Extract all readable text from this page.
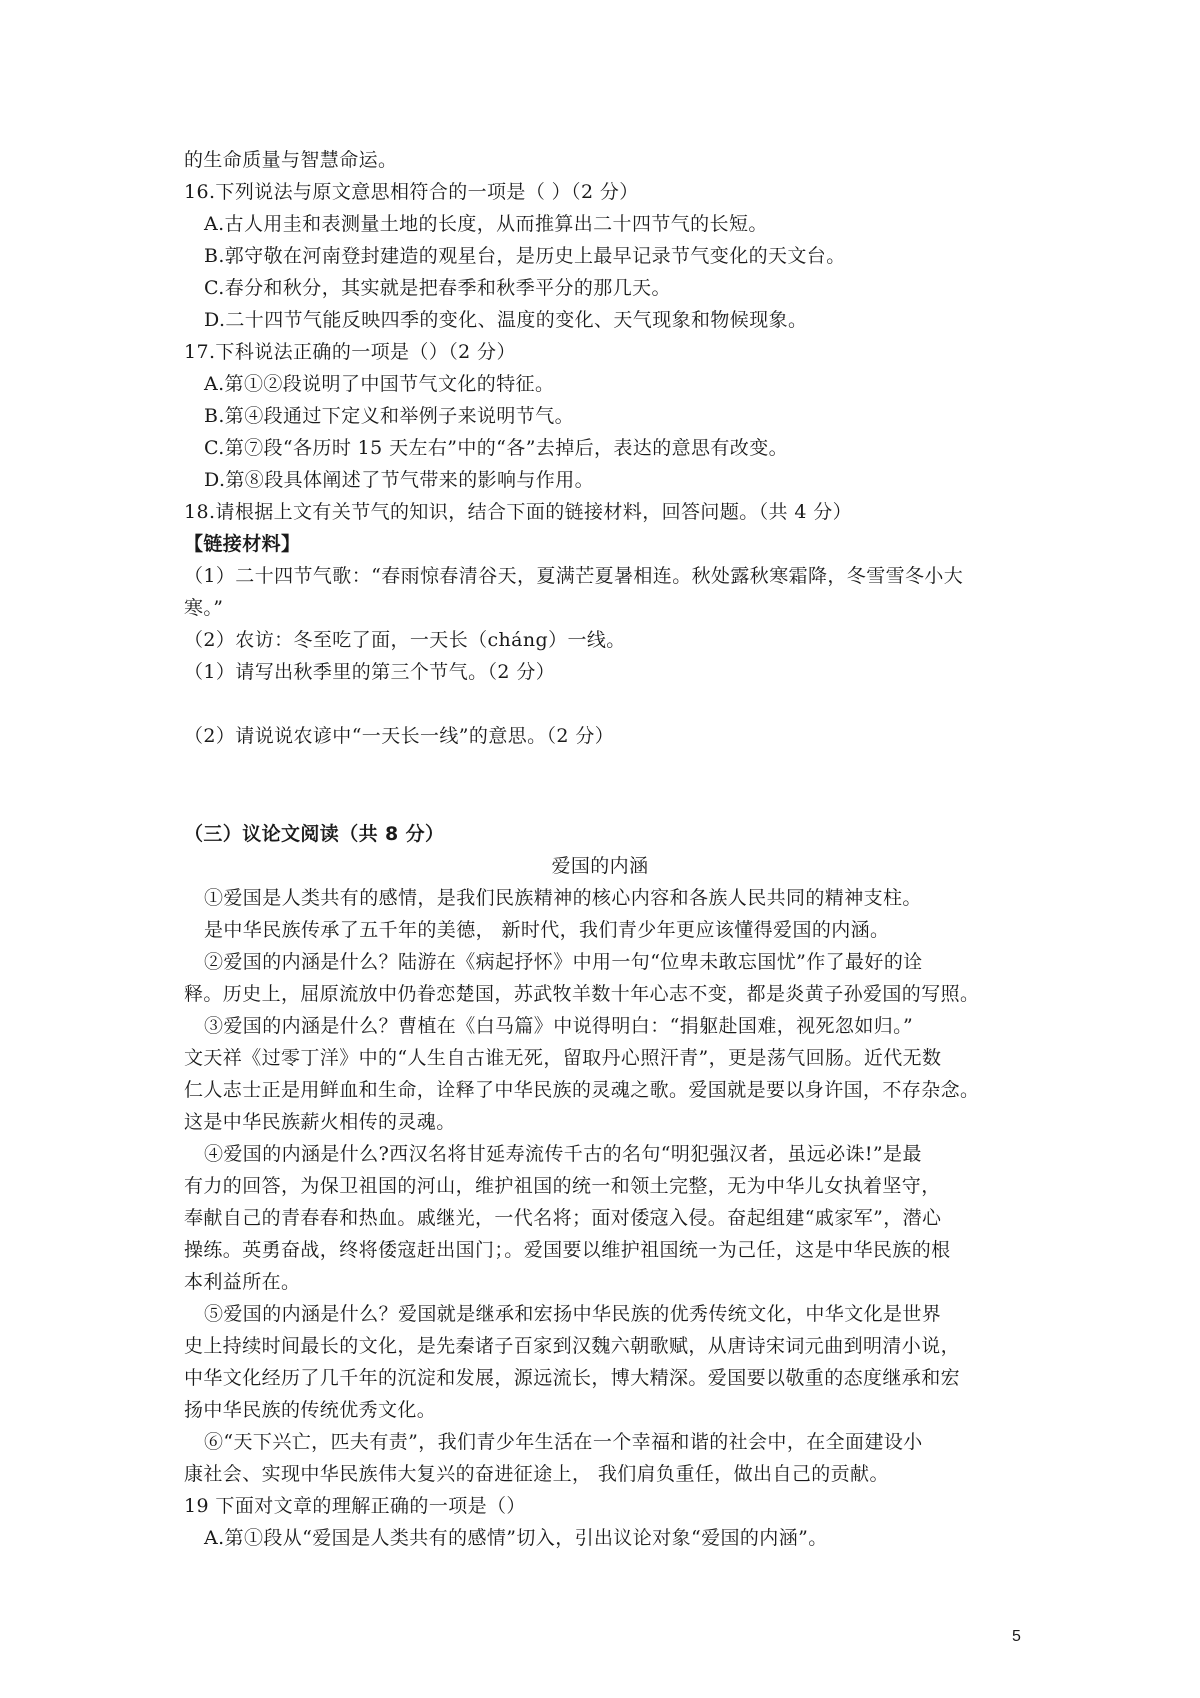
的生命质量与智慧命运。
16.下列说法与原文意思相符合的一项是（ ）（2 分）
A.古人用圭和表测量土地的长度，从而推算出二十四节气的长短。
B.郭守敬在河南登封建造的观星台，是历史上最早记录节气变化的天文台。
C.春分和秋分，其实就是把春季和秋季平分的那几天。
D.二十四节气能反映四季的变化、温度的变化、天气现象和物候现象。
17.下科说法正确的一项是（）（2 分）
A.第①②段说明了中国节气文化的特征。
B.第④段通过下定义和举例子来说明节气。
C.第⑦段“各历时 15 天左右”中的“各”去掉后，表达的意思有改变。
D.第⑧段具体阐述了节气带来的影响与作用。
18.请根据上文有关节气的知识，结合下面的链接材料，回答问题。（共 4 分）
【链接材料】
（1）二十四节气歌：“春雨惊春清谷天，夏满芒夏暑相连。秋处露秋寒霜降，冬雪雪冬小大
寒。”
（2）农访：冬至吃了面，一天长（cháng）一线。
（1）请写出秋季里的第三个节气。（2 分）
（2）请说说农谚中“一天长一线”的意思。（2 分）
（三）议论文阅读（共 8 分）
爱国的内涵
①爱国是人类共有的感情，是我们民族精神的核心内容和各族人民共同的精神支柱。
是中华民族传承了五千年的美德， 新时代，我们青少年更应该懂得爱国的内涵。
②爱国的内涵是什么？陆游在《病起抒怀》中用一句“位卑未敢忘国忧”作了最好的诠
释。历史上，屈原流放中仍眷恋楚国，苏武牧羊数十年心志不变，都是炎黄子孙爱国的写照。
③爱国的内涵是什么？曹植在《白马篇》中说得明白：“捐躯赴国难，视死忽如归。”
文天祥《过零丁洋》中的“人生自古谁无死，留取丹心照汗青”，更是荡气回肠。近代无数
仁人志士正是用鲜血和生命，诠释了中华民族的灵魂之歌。爱国就是要以身许国，不存杂念。
这是中华民族薪火相传的灵魂。
④爱国的内涵是什么?西汉名将甘延寿流传千古的名句“明犯强汉者，虽远必诛!”是最
有力的回答，为保卫祖国的河山，维护祖国的统一和领土完整，无为中华儿女执着坚守，
奉献自己的青春春和热血。戚继光，一代名将；面对倭寇入侵。奋起组建“戚家军”，潜心
操练。英勇奋战，终将倭寇赶出国门；。爱国要以维护祖国统一为己任，这是中华民族的根
本利益所在。
⑤爱国的内涵是什么？爱国就是继承和宏扬中华民族的优秀传统文化，中华文化是世界
史上持续时间最长的文化，是先秦诸子百家到汉魏六朝歌赋，从唐诗宋词元曲到明清小说，
中华文化经历了几千年的沉淀和发展，源远流长，博大精深。爱国要以敬重的态度继承和宏
扬中华民族的传统优秀文化。
⑥“天下兴亡，匹夫有责”，我们青少年生活在一个幸福和谐的社会中，在全面建设小
康社会、实现中华民族伟大复兴的奋进征途上， 我们肩负重任，做出自己的贡献。
19 下面对文章的理解正确的一项是（）
A.第①段从“爱国是人类共有的感情”切入，引出议论对象“爱国的内涵”。
5
